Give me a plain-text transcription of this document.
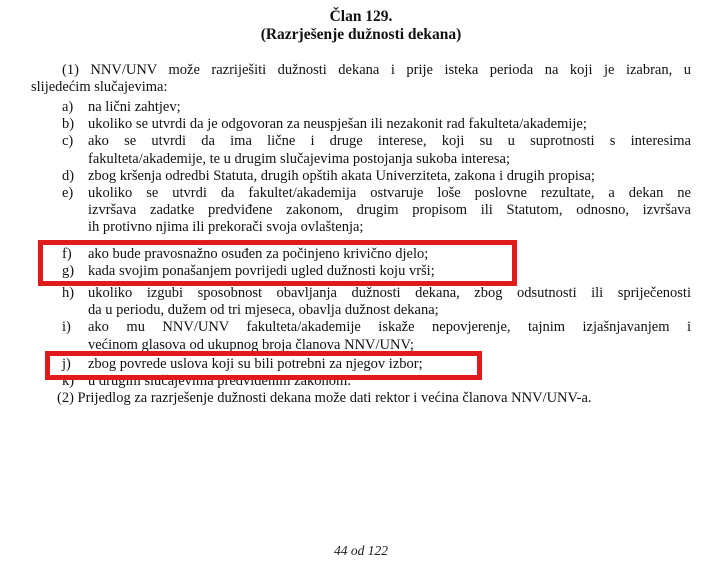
Član 129.
(Razrješenje dužnosti dekana)
(1) NNV/UNV može razriješiti dužnosti dekana i prije isteka perioda na koji je izabran, u
slijedećim slučajevima:
a) na lični zahtjev;
b) ukoliko se utvrdi da je odgovoran za neuspješan ili nezakonit rad fakulteta/akademije;
c) ako se utvrdi da ima lične i druge interese, koji su u suprotnosti s interesima
fakulteta/akademije, te u drugim slučajevima postojanja sukoba interesa;
d) zbog kršenja odredbi Statuta, drugih opštih akata Univerziteta, zakona i drugih propisa;
e) ukoliko se utvrdi da fakultet/akademija ostvaruje loše poslovne rezultate, a dekan ne
izvršava zadatke predviđene zakonom, drugim propisom ili Statutom, odnosno, izvršava
ih protivno njima ili prekorači svoja ovlaštenja;
f) ako bude pravosnažno osuđen za počinjeno krivično djelo;
g) kada svojim ponašanjem povrijedi ugled dužnosti koju vrši;
h) ukoliko izgubi sposobnost obavljanja dužnosti dekana, zbog odsutnosti ili spriječenosti
da u periodu, dužem od tri mjeseca, obavlja dužnost dekana;
i) ako mu NNV/UNV fakulteta/akademije iskaže nepovjerenje, tajnim izjašnjavanjem i
većinom glasova od ukupnog broja članova NNV/UNV;
j) zbog povrede uslova koji su bili potrebni za njegov izbor;
k) u drugim slučajevima predviđenim zakonom.
(2) Prijedlog za razrješenje dužnosti dekana može dati rektor i većina članova NNV/UNV-a.
44 od 122
